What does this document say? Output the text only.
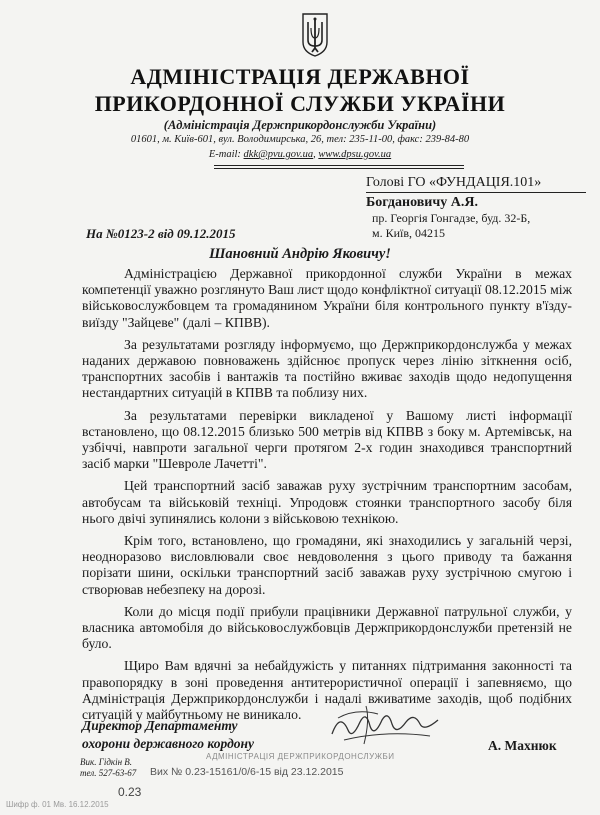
АДМІНІСТРАЦІЯ ДЕРЖАВНОЇ
ПРИКОРДОННОЇ СЛУЖБИ УКРАЇНИ
(Адміністрація Держприкордонслужби України)
01601, м. Київ-601, вул. Володимирська, 26, тел: 235-11-00, факс: 239-84-80
E-mail: dkk@pvu.gov.ua, www.dpsu.gov.ua
Голові ГО «ФУНДАЦІЯ.101»
Богдановичу А.Я.
пр. Георгія Гонгадзе, буд. 32-Б,
м. Київ, 04215
На №0123-2 від 09.12.2015
Шановний Андрію Яковичу!

Адміністрацією Державної прикордонної служби України в межах компетенції уважно розглянуто Ваш лист щодо конфліктної ситуації 08.12.2015 між військовослужбовцем та громадянином України біля контрольного пункту в'їзду-виїзду "Зайцеве" (далі – КПВВ).

За результатами розгляду інформуємо, що Держприкордонслужба у межах наданих державою повноважень здійснює пропуск через лінію зіткнення осіб, транспортних засобів і вантажів та постійно вживає заходів щодо недопущення нестандартних ситуацій в КПВВ та поблизу них.

За результатами перевірки викладеної у Вашому листі інформації встановлено, що 08.12.2015 близько 500 метрів від КПВВ з боку м. Артемівськ, на узбіччі, навпроти загальної черги протягом 2-х годин знаходився транспортний засіб марки "Шевроле Лачетті".

Цей транспортний засіб заважав руху зустрічним транспортним засобам, автобусам та військовій техніці. Упродовж стоянки транспортного засобу біля нього двічі зупинялись колони з військовою технікою.

Крім того, встановлено, що громадяни, які знаходились у загальній черзі, неодноразово висловлювали своє невдоволення з цього приводу та бажання порізати шини, оскільки транспортний засіб заважав руху зустрічною смугою і створював небезпеку на дорозі.

Коли до місця події прибули працівники Державної патрульної служби, у власника автомобіля до військовослужбовців Держприкордонслужби претензій не було.

Щиро Вам вдячні за небайдужість у питаннях підтримання законності та правопорядку в зоні проведення антитерористичної операції і запевняємо, що Адміністрація Держприкордонслужби і надалі вживатиме заходів, щоб подібних ситуацій у майбутньому не виникало.

Директор Департаменту
охорони державного кордону	А. Махнюк
Вик. Гідкін В.
тел. 527-63-67
АДМІНІСТРАЦІЯ ДЕРЖПРИКОРДОНСЛУЖБИ
Вих № 0.23-15161/0/6-15 від 23.12.2015
0.23
Шифр ф. 01 Мв. 16.12.2015
